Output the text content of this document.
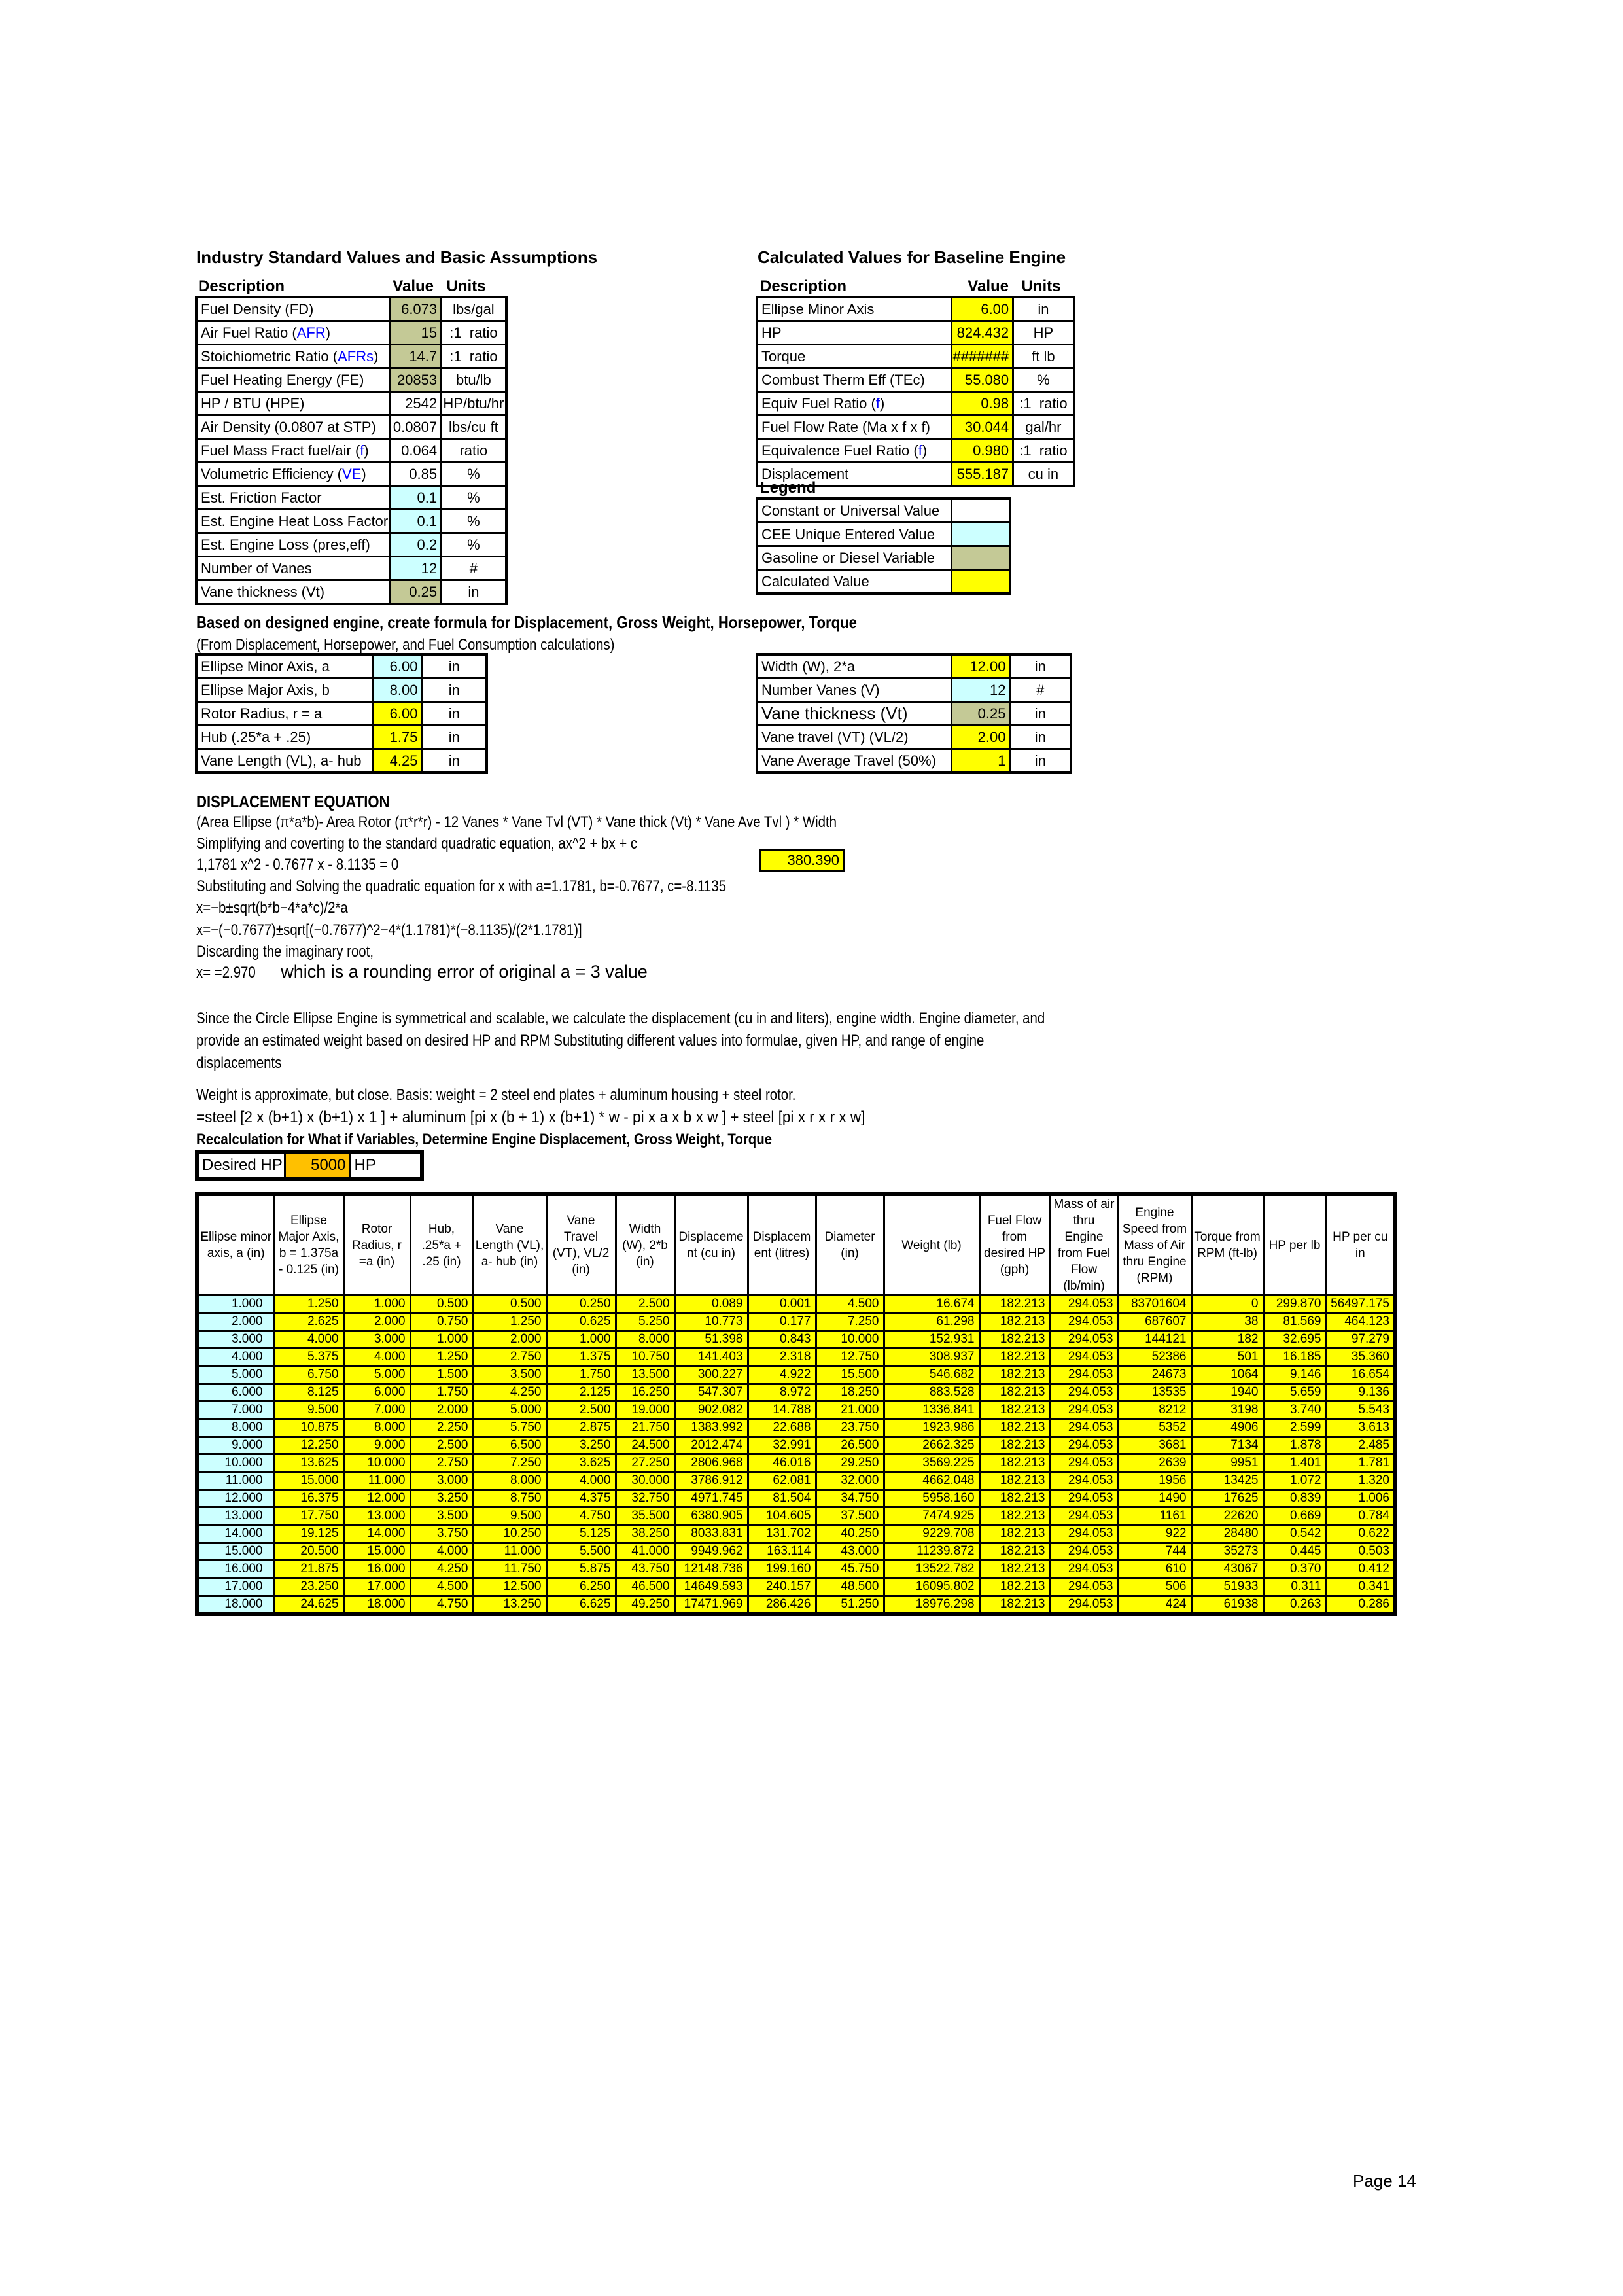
Industry Standard Values and Basic Assumptions
Description	Value Units
Fuel Density (FD)	6.073	lbs/gal
Air Fuel Ratio (AFR)	15	:1  ratio
Stoichiometric Ratio (AFRs)	14.7	:1  ratio
Fuel Heating Energy (FE)	20853	btu/lb
HP / BTU (HPE)	2542	HP/btu/hr
Air Density (0.0807 at STP)	0.0807	lbs/cu ft
Fuel Mass Fract fuel/air (f)	0.064	ratio
Volumetric Efficiency (VE)	0.85	%
Est. Friction Factor	0.1	%
Est. Engine Heat Loss Factor	0.1	%
Est. Engine Loss (pres,eff)	0.2	%
Number of Vanes	12	#
Vane thickness (Vt)	0.25	in
Calculated Values for Baseline Engine
Description	Value Units
Ellipse Minor Axis	6.00	in
HP	824.432	HP
Torque	#######	ft lb
Combust Therm Eff (TEc)	55.080	%
Equiv Fuel Ratio (f)	0.98	:1  ratio
Fuel Flow Rate (Ma x f x f)	30.044	gal/hr
Equivalence Fuel Ratio (f)	0.980	:1  ratio
Displacement	555.187	cu in
Legend
Constant or Universal Value	
CEE Unique Entered Value	
Gasoline or Diesel Variable	
Calculated Value	
Based on designed engine, create formula for Displacement, Gross Weight, Horsepower, Torque
(From Displacement, Horsepower, and Fuel Consumption calculations)
Ellipse Minor Axis, a	6.00	in
Ellipse Major Axis, b	8.00	in
Rotor Radius, r = a	6.00	in
Hub (.25*a + .25)	1.75	in
Vane Length (VL), a- hub	4.25	in
Width (W), 2*a	12.00	in
Number Vanes (V)	12	#
Vane thickness (Vt)	0.25	in
Vane travel (VT) (VL/2)	2.00	in
Vane Average Travel (50%)	1	in
DISPLACEMENT EQUATION
(Area Ellipse (π*a*b)- Area Rotor (π*r*r) - 12 Vanes * Vane Tvl (VT) * Vane thick (Vt) * Vane Ave Tvl ) * Width
Simplifying and coverting to the standard quadratic equation, ax^2 + bx + c
1,1781 x^2 - 0.7677 x - 8.1135 = 0	380.390
Substituting and Solving the quadratic equation for x with a=1.1781, b=-0.7677, c=-8.1135
x=−b±sqrt(b*b−4*a*c)/2*a
x=−(−0.7677)±sqrt[(−0.7677)^2−4*(1.1781)*(−8.1135)/(2*1.1781)]
Discarding the imaginary root,
x= =2.970 which is a rounding error of original a = 3 value
Since the Circle Ellipse Engine is symmetrical and scalable, we calculate the displacement (cu in and liters), engine width. Engine diameter, and
provide an estimated weight based on desired HP and RPM Substituting different values into formulae, given HP, and range of engine
displacements
Weight is approximate, but close. Basis: weight = 2 steel end plates + aluminum housing + steel rotor.
=steel [2 x (b+1) x (b+1) x 1 ] + aluminum [pi x (b + 1) x (b+1) * w - pi x a x b x w ] + steel [pi x r x r x w]
Recalculation for What if Variables, Determine Engine Displacement, Gross Weight, Torque
Desired HP	5000	HP
Ellipse minor axis, a (in)	Ellipse Major Axis, b = 1.375a - 0.125 (in)	Rotor Radius, r =a (in)	Hub, .25*a + .25 (in)	Vane Length (VL), a- hub (in)	Vane Travel (VT), VL/2 (in)	Width (W), 2*b (in)	Displacement (cu in)	Displacement (litres)	Diameter (in)	Weight (lb)	Fuel Flow from desired HP (gph)	Mass of air thru Engine from Fuel Flow (lb/min)	Engine Speed from Mass of Air thru Engine (RPM)	Torque from RPM (ft-lb)	HP per lb	HP per cu in
1.000	1.250	1.000	0.500	0.500	0.250	2.500	0.089	0.001	4.500	16.674	182.213	294.053	83701604	0	299.870	56497.175
2.000	2.625	2.000	0.750	1.250	0.625	5.250	10.773	0.177	7.250	61.298	182.213	294.053	687607	38	81.569	464.123
3.000	4.000	3.000	1.000	2.000	1.000	8.000	51.398	0.843	10.000	152.931	182.213	294.053	144121	182	32.695	97.279
4.000	5.375	4.000	1.250	2.750	1.375	10.750	141.403	2.318	12.750	308.937	182.213	294.053	52386	501	16.185	35.360
5.000	6.750	5.000	1.500	3.500	1.750	13.500	300.227	4.922	15.500	546.682	182.213	294.053	24673	1064	9.146	16.654
6.000	8.125	6.000	1.750	4.250	2.125	16.250	547.307	8.972	18.250	883.528	182.213	294.053	13535	1940	5.659	9.136
7.000	9.500	7.000	2.000	5.000	2.500	19.000	902.082	14.788	21.000	1336.841	182.213	294.053	8212	3198	3.740	5.543
8.000	10.875	8.000	2.250	5.750	2.875	21.750	1383.992	22.688	23.750	1923.986	182.213	294.053	5352	4906	2.599	3.613
9.000	12.250	9.000	2.500	6.500	3.250	24.500	2012.474	32.991	26.500	2662.325	182.213	294.053	3681	7134	1.878	2.485
10.000	13.625	10.000	2.750	7.250	3.625	27.250	2806.968	46.016	29.250	3569.225	182.213	294.053	2639	9951	1.401	1.781
11.000	15.000	11.000	3.000	8.000	4.000	30.000	3786.912	62.081	32.000	4662.048	182.213	294.053	1956	13425	1.072	1.320
12.000	16.375	12.000	3.250	8.750	4.375	32.750	4971.745	81.504	34.750	5958.160	182.213	294.053	1490	17625	0.839	1.006
13.000	17.750	13.000	3.500	9.500	4.750	35.500	6380.905	104.605	37.500	7474.925	182.213	294.053	1161	22620	0.669	0.784
14.000	19.125	14.000	3.750	10.250	5.125	38.250	8033.831	131.702	40.250	9229.708	182.213	294.053	922	28480	0.542	0.622
15.000	20.500	15.000	4.000	11.000	5.500	41.000	9949.962	163.114	43.000	11239.872	182.213	294.053	744	35273	0.445	0.503
16.000	21.875	16.000	4.250	11.750	5.875	43.750	12148.736	199.160	45.750	13522.782	182.213	294.053	610	43067	0.370	0.412
17.000	23.250	17.000	4.500	12.500	6.250	46.500	14649.593	240.157	48.500	16095.802	182.213	294.053	506	51933	0.311	0.341
18.000	24.625	18.000	4.750	13.250	6.625	49.250	17471.969	286.426	51.250	18976.298	182.213	294.053	424	61938	0.263	0.286
Page 14
